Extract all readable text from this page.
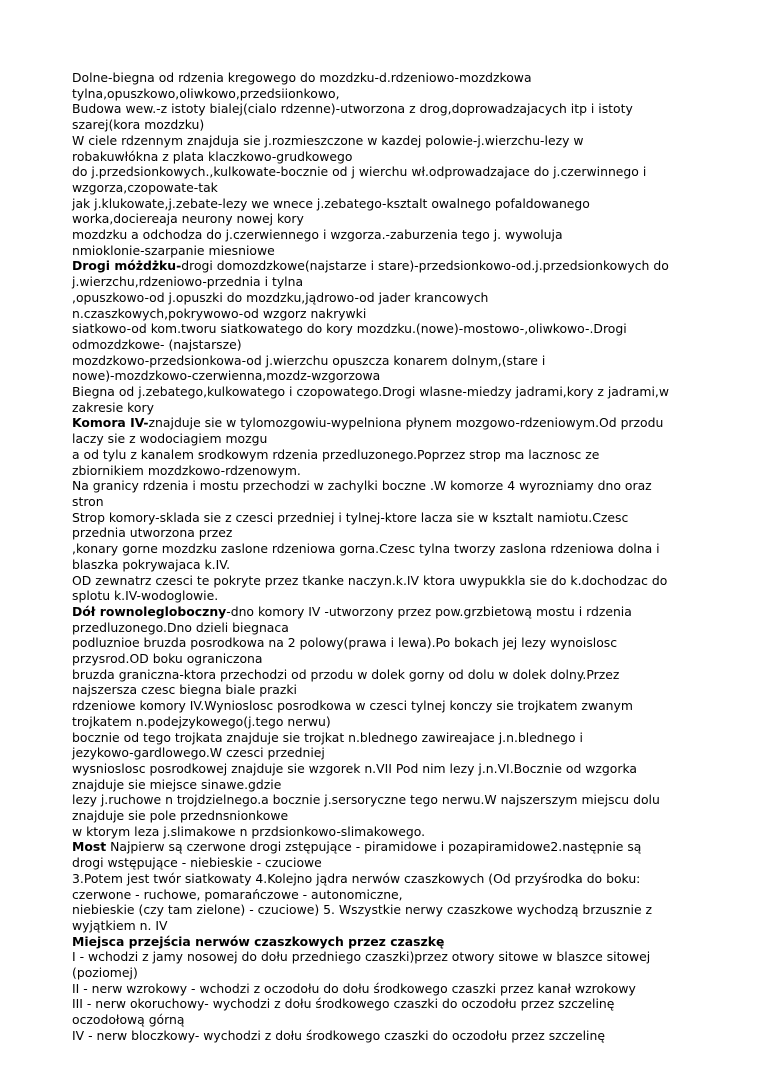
Dolne-biegna od rdzenia kregowego do mozdzku-d.rdzeniowo-mozdzkowa
tylna,opuszkowo,oliwkowo,przedsiionkowo,
Budowa wew.-z istoty bialej(cialo rdzenne)-utworzona z drog,doprowadzajacych itp i istoty
szarej(kora mozdzku)
W ciele rdzennym znajduja sie j.rozmieszczone w kazdej polowie-j.wierzchu-lezy w
robakuwłókna z plata klaczkowo-grudkowego
do j.przedsionkowych.,kulkowate-bocznie od j wierchu wł.odprowadzajace do j.czerwinnego i
wzgorza,czopowate-tak
jak j.klukowate,j.zebate-lezy we wnece j.zebatego-ksztalt owalnego pofaldowanego
worka,dociereaja neurony nowej kory
mozdzku a odchodza do j.czerwiennego i wzgorza.-zaburzenia tego j. wywoluja
nmioklonie-szarpanie miesniowe
Drogi móżdżku-drogi domozdzkowe(najstarze i stare)-przedsionkowo-od.j.przedsionkowych do
j.wierzchu,rdzeniowo-przednia i tylna
,opuszkowo-od j.opuszki do mozdzku,jądrowo-od jader krancowych
n.czaszkowych,pokrywowo-od wzgorz nakrywki
siatkowo-od kom.tworu siatkowatego do kory mozdzku.(nowe)-mostowo-,oliwkowo-.Drogi
odmozdzkowe- (najstarsze)
mozdzkowo-przedsionkowa-od j.wierzchu opuszcza konarem dolnym,(stare i
nowe)-mozdzkowo-czerwienna,mozdz-wzgorzowa
Biegna od j.zebatego,kulkowatego i czopowatego.Drogi wlasne-miedzy jadrami,kory z jadrami,w
zakresie kory
Komora IV-znajduje sie w tylomozgowiu-wypelniona płynem mozgowo-rdzeniowym.Od przodu
laczy sie z wodociagiem mozgu
a od tylu z kanalem srodkowym rdzenia przedluzonego.Poprzez strop ma lacznosc ze
zbiornikiem mozdzkowo-rdzenowym.
Na granicy rdzenia i mostu przechodzi w zachylki boczne .W komorze 4 wyrozniamy dno oraz
stron
Strop komory-sklada sie z czesci przedniej i tylnej-ktore lacza sie w ksztalt namiotu.Czesc
przednia utworzona przez
,konary gorne mozdzku zaslone rdzeniowa gorna.Czesc tylna tworzy zaslona rdzeniowa dolna i
blaszka pokrywajaca k.IV.
OD zewnatrz czesci te pokryte przez tkanke naczyn.k.IV ktora uwypukkla sie do k.dochodzac do
splotu k.IV-wodoglowie.
Dół rownolegloboczny-dno komory IV -utworzony przez pow.grzbietową mostu i rdzenia
przedluzonego.Dno dzieli biegnaca
podluznioe bruzda posrodkowa na 2 polowy(prawa i lewa).Po bokach jej lezy wynoislosc
przysrod.OD boku ograniczona
bruzda graniczna-ktora przechodzi od przodu w dolek gorny od dolu w dolek dolny.Przez
najszersza czesc biegna biale prazki
rdzeniowe komory IV.Wynioslosc posrodkowa w czesci tylnej konczy sie trojkatem zwanym
trojkatem n.podejzykowego(j.tego nerwu)
bocznie od tego trojkata znajduje sie trojkat n.blednego zawireajace j.n.blednego i
jezykowo-gardlowego.W czesci przedniej
wysnioslosc posrodkowej znajduje sie wzgorek n.VII Pod nim lezy j.n.VI.Bocznie od wzgorka
znajduje sie miejsce sinawe.gdzie
lezy j.ruchowe n trojdzielnego.a bocznie j.sersoryczne tego nerwu.W najszerszym miejscu dolu
znajduje sie pole przednsnionkowe
w ktorym leza j.slimakowe n przdsionkowo-slimakowego.
Most Najpierw są czerwone drogi zstępujące - piramidowe i pozapiramidowe2.następnie są
drogi wstępujące - niebieskie - czuciowe
3.Potem jest twór siatkowaty 4.Kolejno jądra nerwów czaszkowych (Od przyśrodka do boku:
czerwone - ruchowe, pomarańczowe - autonomiczne,
niebieskie (czy tam zielone) - czuciowe) 5. Wszystkie nerwy czaszkowe wychodzą brzusznie z
wyjątkiem n. IV
Miejsca przejścia nerwów czaszkowych przez czaszkę
I - wchodzi z jamy nosowej do dołu przedniego czaszki)przez otwory sitowe w blaszce sitowej
(poziomej)
II - nerw wzrokowy - wchodzi z oczodołu do dołu środkowego czaszki przez kanał wzrokowy
III - nerw okoruchowy- wychodzi z dołu środkowego czaszki do oczodołu przez szczelinę
oczodołową górną
IV - nerw bloczkowy- wychodzi z dołu środkowego czaszki do oczodołu przez szczelinę
